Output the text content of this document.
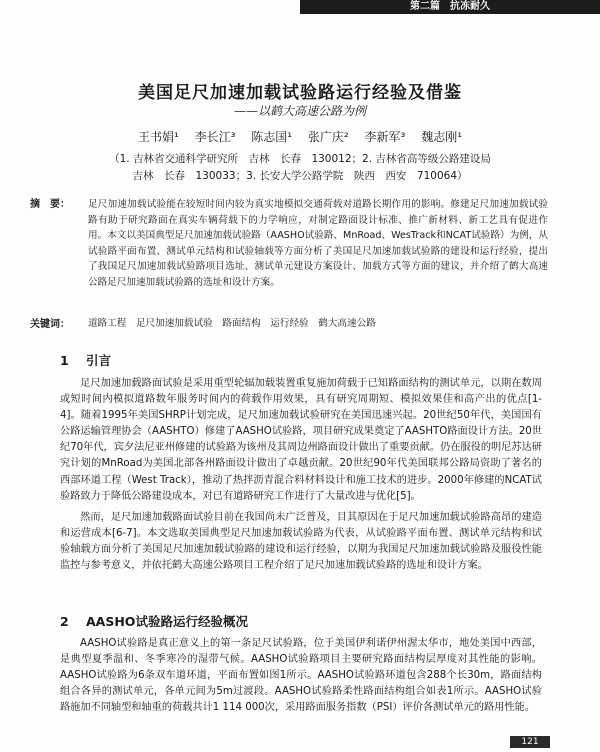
第二篇 抗冻耐久
美国足尺加速加载试验路运行经验及借鉴
——以鹤大高速公路为例
王书娟¹ 李长江³ 陈志国¹ 张广庆² 李新军³ 魏志刚¹
（1. 吉林省交通科学研究所　吉林　长春　130012；2. 吉林省高等级公路建设局
吉林　长春　130033；3. 长安大学公路学院　陕西　西安　710064）
摘　要： 足尺加速加载试验能在较短时间内较为真实地模拟交通荷载对道路长期作用的影响。修建足尺加速加载试验路有助于研究路面在真实车辆荷载下的力学响应，对制定路面设计标准、推广新材料、新工艺具有促进作用。本文以美国典型足尺加速加载试验路（AASHO试验路、MnRoad、WesTrack和NCAT试验路）为例，从试验路平面布置、测试单元结构和试验轴载等方面分析了美国足尺加速加载试验路的建设和运行经验，提出了我国足尺加速加载试验路项目选址、测试单元建设方案设计、加载方式等方面的建议，并介绍了鹤大高速公路足尺加速加载试验路的选址和设计方案。
关键词： 道路工程　足尺加速加载试验　路面结构　运行经验　鹤大高速公路
1 引言
足尺加速加载路面试验是采用重型轮辐加载装置重复施加荷载于已知路面结构的测试单元，以期在数周或短时间内模拟道路数年服务时间内的荷载作用效果，具有研究周期短、模拟效果佳和高产出的优点[1-4]。随着1995年美国SHRP计划完成，足尺加速加载试验研究在美国迅速兴起。20世纪50年代，美国国有公路运输管理协会（AASHTO）修建了AASHO试验路，项目研究成果奠定了AASHTO路面设计方法。20世纪70年代，宾夕法尼亚州修建的试验路为该州及其周边州路面设计做出了重要贡献。仍在服役的明尼苏达研究计划的MnRoad为美国北部各州路面设计做出了卓越贡献。20世纪90年代美国联邦公路局资助了著名的西部环道工程（West Track），推动了热拌沥青混合料材料设计和施工技术的进步。2000年修建的NCAT试验路致力于降低公路建设成本，对已有道路研究工作进行了大量改进与优化[5]。
然而，足尺加速加载路面试验目前在我国尚未广泛普及，目其原因在于足尺加速加载试验路高昂的建造和运营成本[6-7]。本文选取美国典型足尺加速加载试验路为代表，从试验路平面布置、测试单元结构和试验轴载方面分析了美国足尺加速加载试验路的建设和运行经验，以期为我国足尺加速加载试验路及服役性能监控与参考意义，并依托鹤大高速公路项目工程介绍了足尺加速加载试验路的选址和设计方案。
2 AASHO试验路运行经验概况
AASHO试验路是真正意义上的第一条足尺试验路，位于美国伊利诺伊州渥太华市，地处美国中西部，是典型夏季温和、冬季寒冷的湿带气候。AASHO试验路项目主要研究路面结构层厚度对其性能的影响。AASHO试验路为6条双车道环道，平面布置如图1所示。AASHO试验路环道包含288个长30m，路面结构组合各异的测试单元，各单元间为5m过渡段。AASHO试验路柔性路面结构组合如表1所示。AASHO试验路施加不同轴型和轴重的荷载共计1 114 000次，采用路面服务指数（PSI）评价各测试单元的路用性能。
121
